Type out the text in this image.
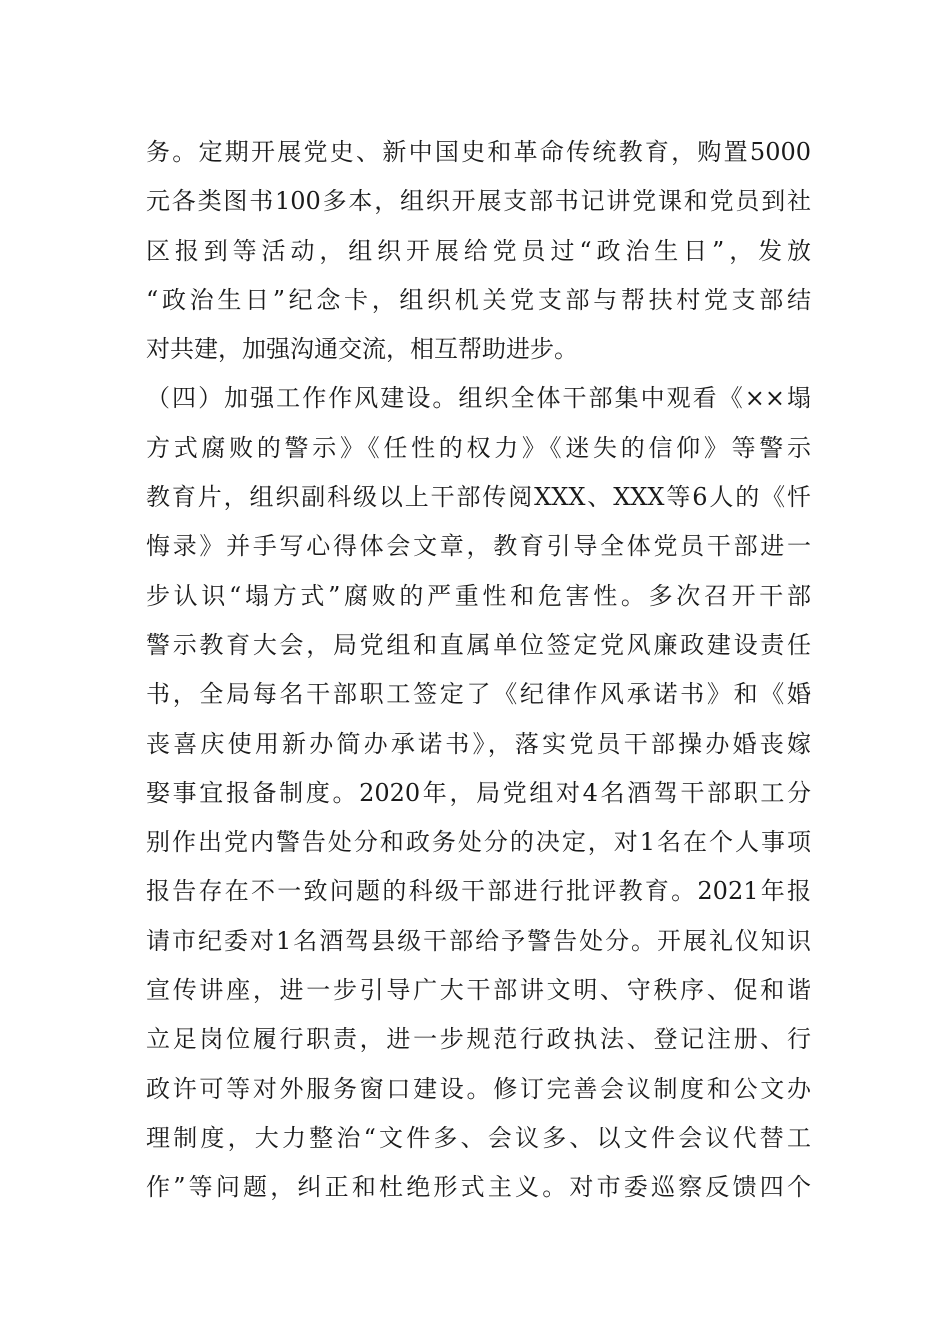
务。定期开展党史、新中国史和革命传统教育，购置5000
元各类图书100多本，组织开展支部书记讲党课和党员到社
区报到等活动，组织开展给党员过“政治生日”，发放
“政治生日”纪念卡，组织机关党支部与帮扶村党支部结
对共建，加强沟通交流，相互帮助进步。
（四）加强工作作风建设。组织全体干部集中观看《××塌
方式腐败的警示》《任性的权力》《迷失的信仰》等警示
教育片，组织副科级以上干部传阅XXX、XXX等6人的《忏
悔录》并手写心得体会文章，教育引导全体党员干部进一
步认识“塌方式”腐败的严重性和危害性。多次召开干部
警示教育大会，局党组和直属单位签定党风廉政建设责任
书，全局每名干部职工签定了《纪律作风承诺书》和《婚
丧喜庆使用新办简办承诺书》，落实党员干部操办婚丧嫁
娶事宜报备制度。2020年，局党组对4名酒驾干部职工分
别作出党内警告处分和政务处分的决定，对1名在个人事项
报告存在不一致问题的科级干部进行批评教育。2021年报
请市纪委对1名酒驾县级干部给予警告处分。开展礼仪知识
宣传讲座，进一步引导广大干部讲文明、守秩序、促和谐
立足岗位履行职责，进一步规范行政执法、登记注册、行
政许可等对外服务窗口建设。修订完善会议制度和公文办
理制度，大力整治“文件多、会议多、以文件会议代替工
作”等问题，纠正和杜绝形式主义。对市委巡察反馈四个
